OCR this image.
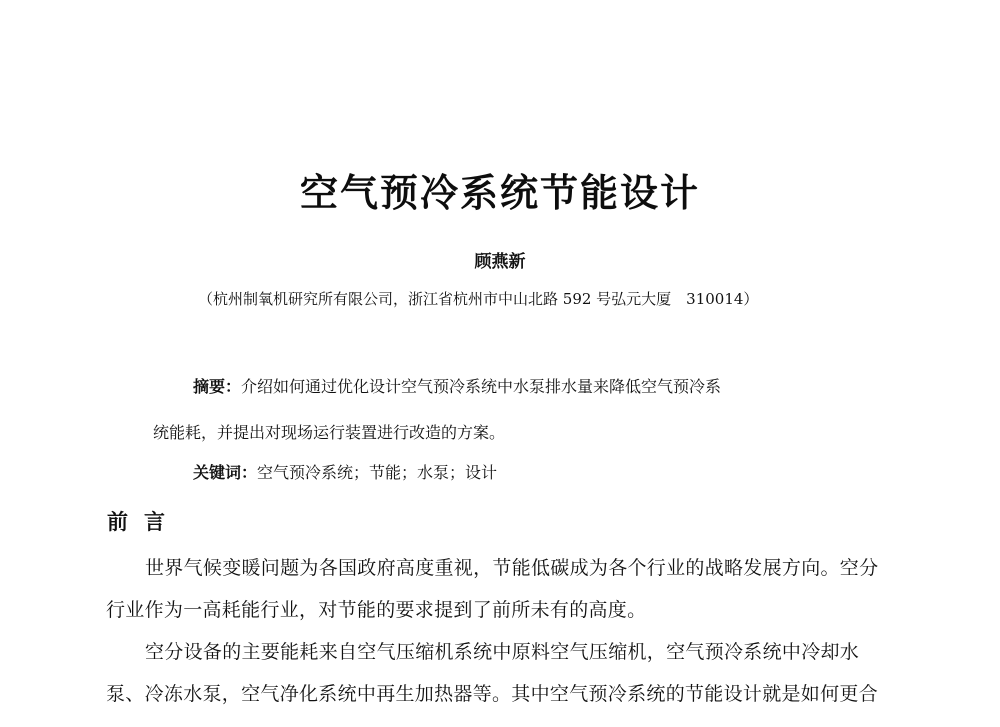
空气预冷系统节能设计
顾燕新
（杭州制氧机研究所有限公司，浙江省杭州市中山北路 592 号弘元大厦　310014）
摘要：介绍如何通过优化设计空气预冷系统中水泵排水量来降低空气预冷系
统能耗，并提出对现场运行装置进行改造的方案。
关键词：空气预冷系统；节能；水泵；设计
前言
世界气候变暖问题为各国政府高度重视，节能低碳成为各个行业的战略发展方向。空分
行业作为一高耗能行业，对节能的要求提到了前所未有的高度。
空分设备的主要能耗来自空气压缩机系统中原料空气压缩机，空气预冷系统中冷却水
泵、冷冻水泵，空气净化系统中再生加热器等。其中空气预冷系统的节能设计就是如何更合
